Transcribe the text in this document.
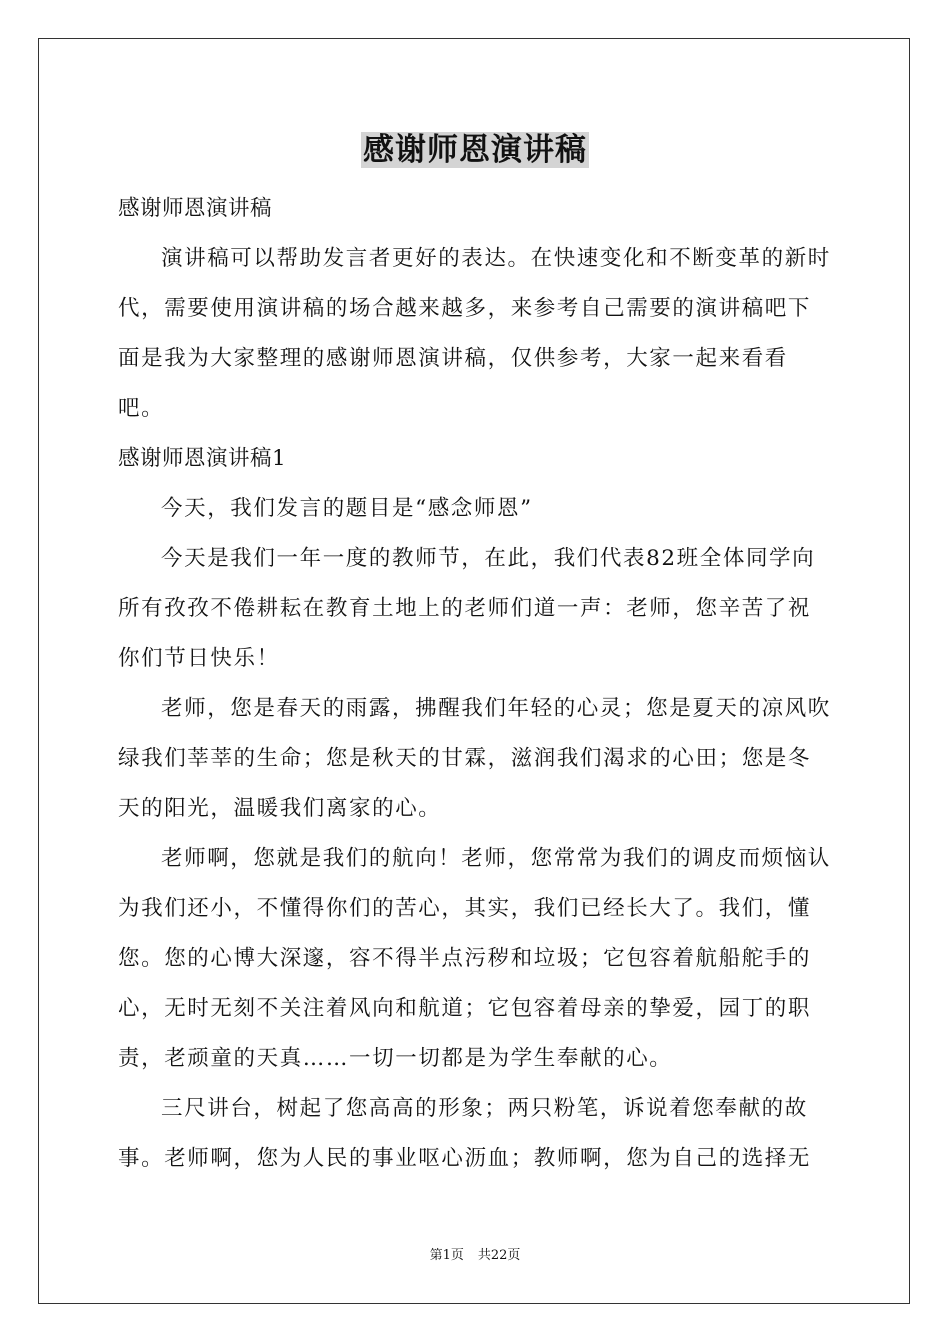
感谢师恩演讲稿

感谢师恩演讲稿

演讲稿可以帮助发言者更好的表达。在快速变化和不断变革的新时代，需要使用演讲稿的场合越来越多，来参考自己需要的演讲稿吧下面是我为大家整理的感谢师恩演讲稿，仅供参考，大家一起来看看吧。

感谢师恩演讲稿1

今天，我们发言的题目是“感念师恩”

今天是我们一年一度的教师节，在此，我们代表82班全体同学向所有孜孜不倦耕耘在教育土地上的老师们道一声：老师，您辛苦了祝你们节日快乐！

老师，您是春天的雨露，拂醒我们年轻的心灵；您是夏天的凉风吹绿我们莘莘的生命；您是秋天的甘霖，滋润我们渴求的心田；您是冬天的阳光，温暖我们离家的心。

老师啊，您就是我们的航向！老师，您常常为我们的调皮而烦恼认为我们还小，不懂得你们的苦心，其实，我们已经长大了。我们，懂您。您的心博大深邃，容不得半点污秽和垃圾；它包容着航船舵手的心，无时无刻不关注着风向和航道；它包容着母亲的挚爱，园丁的职责，老顽童的天真……一切一切都是为学生奉献的心。

三尺讲台，树起了您高高的形象；两只粉笔，诉说着您奉献的故事。老师啊，您为人民的事业呕心沥血；教师啊，您为自己的选择无

第1页 共22页
